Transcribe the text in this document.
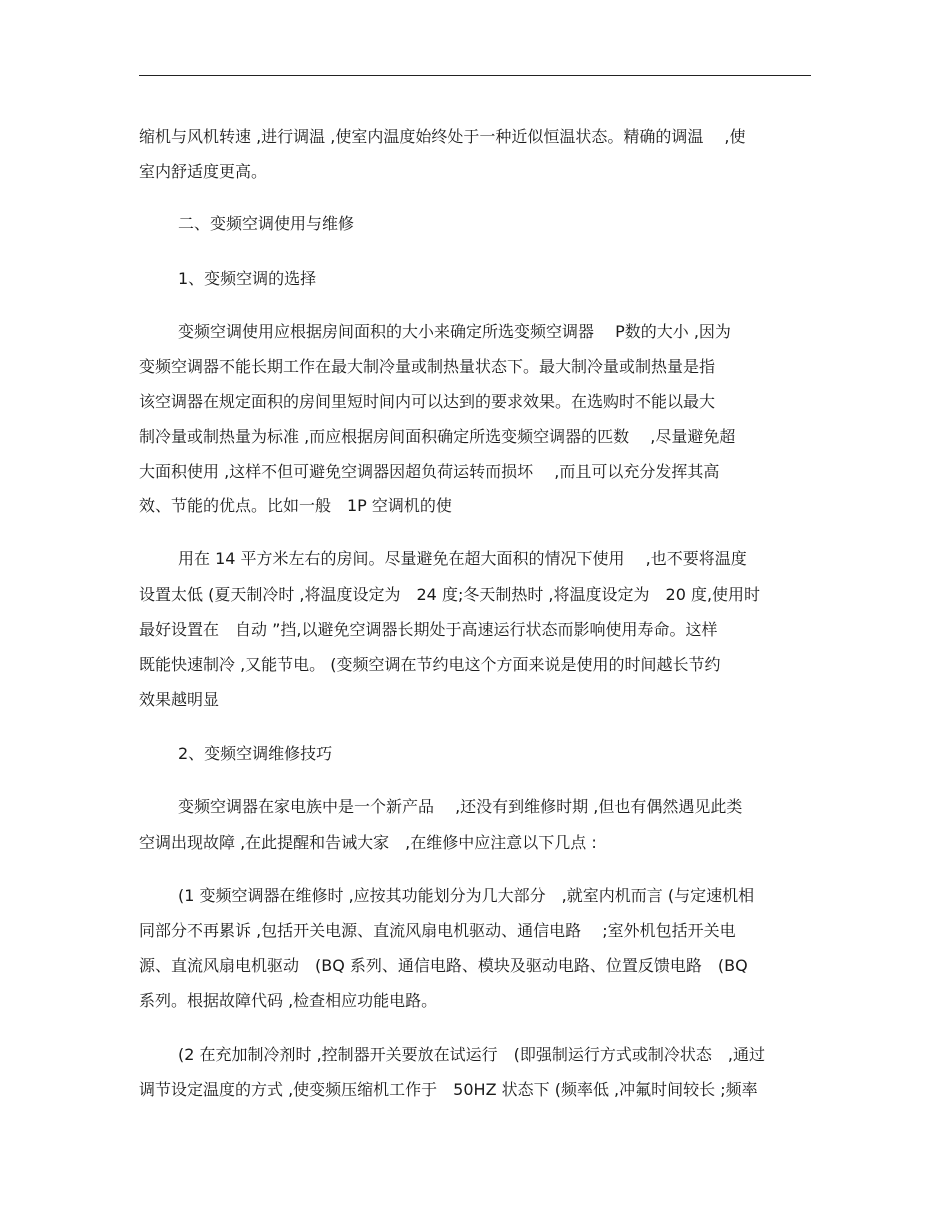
缩机与风机转速 ,进行调温 ,使室内温度始终处于一种近似恒温状态。精确的调温　 ,使
室内舒适度更高。
二、变频空调使用与维修
1、变频空调的选择
变频空调使用应根据房间面积的大小来确定所选变频空调器　 P数的大小 ,因为
变频空调器不能长期工作在最大制冷量或制热量状态下。最大制冷量或制热量是指
该空调器在规定面积的房间里短时间内可以达到的要求效果。在选购时不能以最大
制冷量或制热量为标准 ,而应根据房间面积确定所选变频空调器的匹数　 ,尽量避免超
大面积使用 ,这样不但可避免空调器因超负荷运转而损坏　 ,而且可以充分发挥其高
效、节能的优点。比如一般　1P 空调机的使
用在 14 平方米左右的房间。尽量避免在超大面积的情况下使用　 ,也不要将温度
设置太低 (夏天制冷时 ,将温度设定为　24 度;冬天制热时 ,将温度设定为　20 度,使用时
最好设置在　自动 ”挡,以避免空调器长期处于高速运行状态而影响使用寿命。这样
既能快速制冷 ,又能节电。 (变频空调在节约电这个方面来说是使用的时间越长节约
效果越明显
2、变频空调维修技巧
变频空调器在家电族中是一个新产品　 ,还没有到维修时期 ,但也有偶然遇见此类
空调出现故障 ,在此提醒和告诫大家　,在维修中应注意以下几点 :
(1 变频空调器在维修时 ,应按其功能划分为几大部分　,就室内机而言 (与定速机相
同部分不再累诉 ,包括开关电源、直流风扇电机驱动、通信电路　 ;室外机包括开关电
源、直流风扇电机驱动　(BQ 系列、通信电路、模块及驱动电路、位置反馈电路　(BQ
系列。根据故障代码 ,检查相应功能电路。
(2 在充加制冷剂时 ,控制器开关要放在试运行　(即强制运行方式或制冷状态　,通过
调节设定温度的方式 ,使变频压缩机工作于　50HZ 状态下 (频率低 ,冲氟时间较长 ;频率
